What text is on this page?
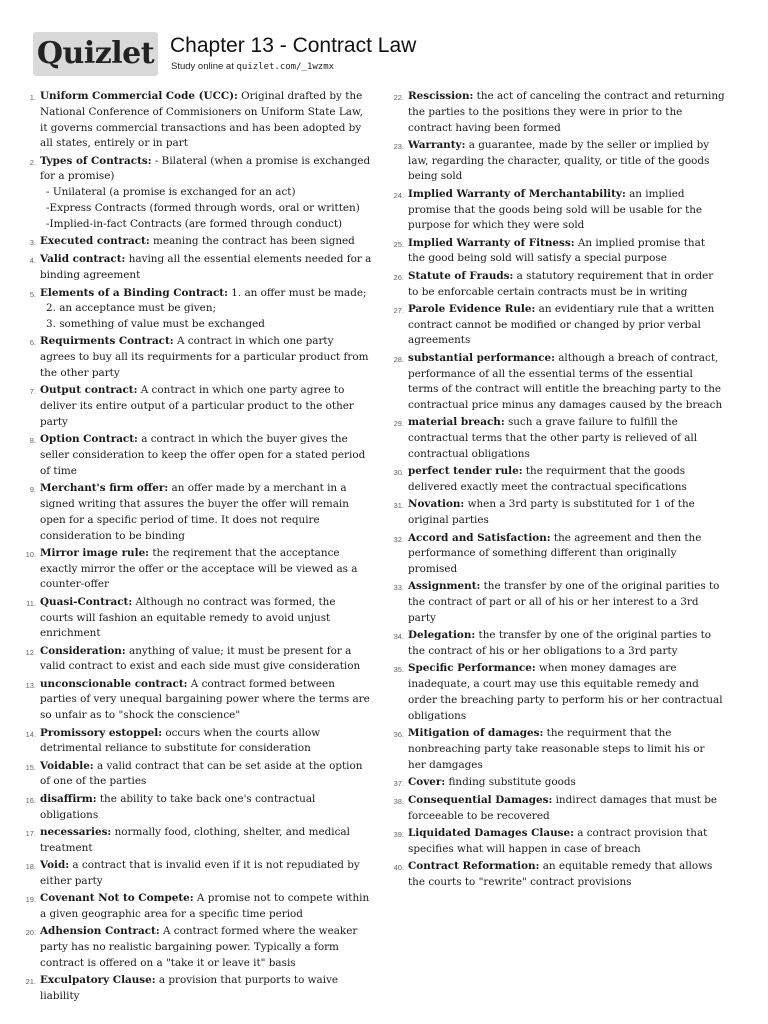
Quizlet Chapter 13 - Contract Law
Study online at quizlet.com/_1wzmx
1. Uniform Commercial Code (UCC): Original drafted by the National Conference of Commisioners on Uniform State Law, it governs commercial transactions and has been adopted by all states, entirely or in part
2. Types of Contracts: - Bilateral (when a promise is exchanged for a promise)
- Unilateral (a promise is exchanged for an act)
-Express Contracts (formed through words, oral or written)
-Implied-in-fact Contracts (are formed through conduct)
3. Executed contract: meaning the contract has been signed
4. Valid contract: having all the essential elements needed for a binding agreement
5. Elements of a Binding Contract: 1. an offer must be made;
2. an acceptance must be given;
3. something of value must be exchanged
6. Requirments Contract: A contract in which one party agrees to buy all its requirments for a particular product from the other party
7. Output contract: A contract in which one party agree to deliver its entire output of a particular product to the other party
8. Option Contract: a contract in which the buyer gives the seller consideration to keep the offer open for a stated period of time
9. Merchant's firm offer: an offer made by a merchant in a signed writing that assures the buyer the offer will remain open for a specific period of time. It does not require consideration to be binding
10. Mirror image rule: the reqirement that the acceptance exactly mirror the offer or the acceptace will be viewed as a counter-offer
11. Quasi-Contract: Although no contract was formed, the courts will fashion an equitable remedy to avoid unjust enrichment
12. Consideration: anything of value; it must be present for a valid contract to exist and each side must give consideration
13. unconscionable contract: A contract formed between parties of very unequal bargaining power where the terms are so unfair as to "shock the conscience"
14. Promissory estoppel: occurs when the courts allow detrimental reliance to substitute for consideration
15. Voidable: a valid contract that can be set aside at the option of one of the parties
16. disaffirm: the ability to take back one's contractual obligations
17. necessaries: normally food, clothing, shelter, and medical treatment
18. Void: a contract that is invalid even if it is not repudiated by either party
19. Covenant Not to Compete: A promise not to compete within a given geographic area for a specific time period
20. Adhension Contract: A contract formed where the weaker party has no realistic bargaining power. Typically a form contract is offered on a "take it or leave it" basis
21. Exculpatory Clause: a provision that purports to waive liability
22. Rescission: the act of canceling the contract and returning the parties to the positions they were in prior to the contract having been formed
23. Warranty: a guarantee, made by the seller or implied by law, regarding the character, quality, or title of the goods being sold
24. Implied Warranty of Merchantability: an implied promise that the goods being sold will be usable for the purpose for which they were sold
25. Implied Warranty of Fitness: An implied promise that the good being sold will satisfy a special purpose
26. Statute of Frauds: a statutory requirement that in order to be enforcable certain contracts must be in writing
27. Parole Evidence Rule: an evidentiary rule that a written contract cannot be modified or changed by prior verbal agreements
28. substantial performance: although a breach of contract, performance of all the essential terms of the essential terms of the contract will entitle the breaching party to the contractual price minus any damages caused by the breach
29. material breach: such a grave failure to fulfill the contractual terms that the other party is relieved of all contractual obligations
30. perfect tender rule: the requirment that the goods delivered exactly meet the contractual specifications
31. Novation: when a 3rd party is substituted for 1 of the original parties
32. Accord and Satisfaction: the agreement and then the performance of something different than originally promised
33. Assignment: the transfer by one of the original parities to the contract of part or all of his or her interest to a 3rd party
34. Delegation: the transfer by one of the original parties to the contract of his or her obligations to a 3rd party
35. Specific Performance: when money damages are inadequate, a court may use this equitable remedy and order the breaching party to perform his or her contractual obligations
36. Mitigation of damages: the requirment that the nonbreaching party take reasonable steps to limit his or her damgages
37. Cover: finding substitute goods
38. Consequential Damages: indirect damages that must be forceeable to be recovered
39. Liquidated Damages Clause: a contract provision that specifies what will happen in case of breach
40. Contract Reformation: an equitable remedy that allows the courts to "rewrite" contract provisions
